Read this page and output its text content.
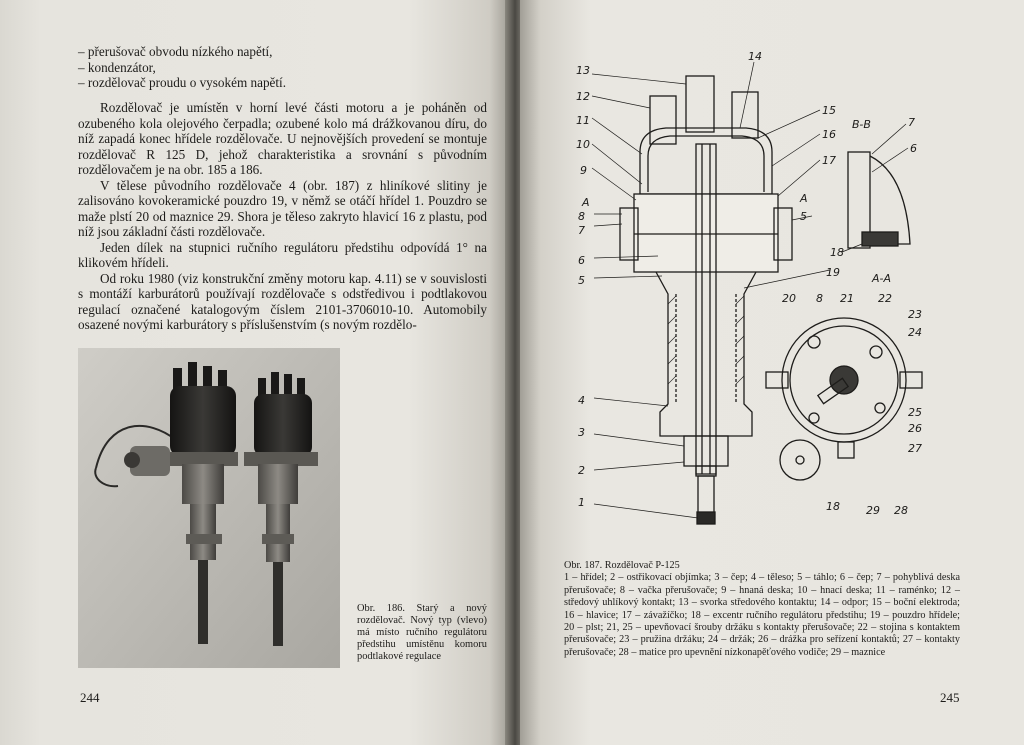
– přerušovač obvodu nízkého napětí,
– kondenzátor,
– rozdělovač proudu o vysokém napětí.

Rozdělovač je umístěn v horní levé části motoru a je poháněn od ozubeného kola olejového čerpadla; ozubené kolo má drážkovanou díru, do níž zapadá konec hřídele rozdělovače. U nejnovějších provedení se montuje rozdělovač R 125 D, jehož charakteristika a srovnání s původním rozdělovačem je na obr. 185 a 186.

V tělese původního rozdělovače 4 (obr. 187) z hliníkové slitiny je zalisováno kovokeramické pouzdro 19, v němž se otáčí hřídel 1. Pouzdro se maže plstí 20 od maznice 29. Shora je těleso zakryto hlavicí 16 z plastu, pod níž jsou základní části rozdělovače.

Jeden dílek na stupnici ručního regulátoru předstihu odpovídá 1° na klikovém hřídeli.

Od roku 1980 (viz konstrukční změny motoru kap. 4.11) se v souvislosti s montáží karburátorů používají rozdělovače s odstředivou i podtlakovou regulací označené katalogovým číslem 2101-3706010-10. Automobily osazené novými karburátory s příslušenstvím (s novým rozdělo-

Obr. 186. Starý a nový rozdělovač. Nový typ (vlevo) má místo ručního regulátoru předstihu umístěnu komoru podtlakové regulace
244
13
12
11
10
9
A
8
7
6
5
4
3
2
1
14
15
16
17
A
5
18
19
B-B	7
6
A-A
20 8 21 22
23
24
25
26
27
18 29 28
Obr. 187. Rozdělovač P-125
1 – hřídel; 2 – ostřikovací objímka; 3 – čep; 4 – těleso; 5 – táhlo; 6 – čep; 7 – pohyblivá deska přerušovače; 8 – vačka přerušovače; 9 – hnaná deska; 10 – hnací deska; 11 – raménko; 12 – středový uhlíkový kontakt; 13 – svorka středového kontaktu; 14 – odpor; 15 – boční elektroda; 16 – hlavice; 17 – závažíčko; 18 – excentr ručního regulátoru předstihu; 19 – pouzdro hřídele; 20 – plst; 21, 25 – upevňovací šrouby držáku s kontakty přerušovače; 22 – stojina s kontaktem přerušovače; 23 – pružina držáku; 24 – držák; 26 – drážka pro seřízení kontaktů; 27 – kontakty přerušovače; 28 – matice pro upevnění nízkonapěťového vodiče; 29 – maznice
245
